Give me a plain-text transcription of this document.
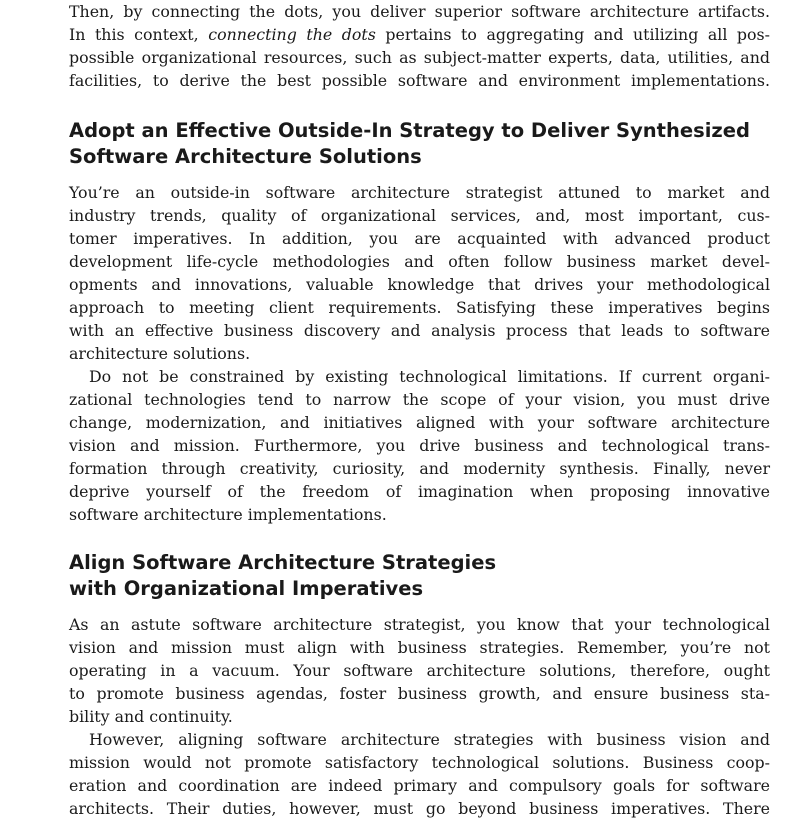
Then, by connecting the dots, you deliver superior software architecture artifacts.
In this context, connecting the dots pertains to aggregating and utilizing all pos-
possible organizational resources, such as subject-matter experts, data, utilities, and
facilities, to derive the best possible software and environment implementations.
Adopt an Effective Outside-In Strategy to Deliver Synthesized
Software Architecture Solutions
You’re an outside-in software architecture strategist attuned to market and
industry trends, quality of organizational services, and, most important, cus-
tomer imperatives. In addition, you are acquainted with advanced product
development life-cycle methodologies and often follow business market devel-
opments and innovations, valuable knowledge that drives your methodological
approach to meeting client requirements. Satisfying these imperatives begins
with an effective business discovery and analysis process that leads to software
architecture solutions.
Do not be constrained by existing technological limitations. If current organi-
zational technologies tend to narrow the scope of your vision, you must drive
change, modernization, and initiatives aligned with your software architecture
vision and mission. Furthermore, you drive business and technological trans-
formation through creativity, curiosity, and modernity synthesis. Finally, never
deprive yourself of the freedom of imagination when proposing innovative
software architecture implementations.
Align Software Architecture Strategies
with Organizational Imperatives
As an astute software architecture strategist, you know that your technological
vision and mission must align with business strategies. Remember, you’re not
operating in a vacuum. Your software architecture solutions, therefore, ought
to promote business agendas, foster business growth, and ensure business sta-
bility and continuity.
However, aligning software architecture strategies with business vision and
mission would not promote satisfactory technological solutions. Business coop-
eration and coordination are indeed primary and compulsory goals for software
architects. Their duties, however, must go beyond business imperatives. There
